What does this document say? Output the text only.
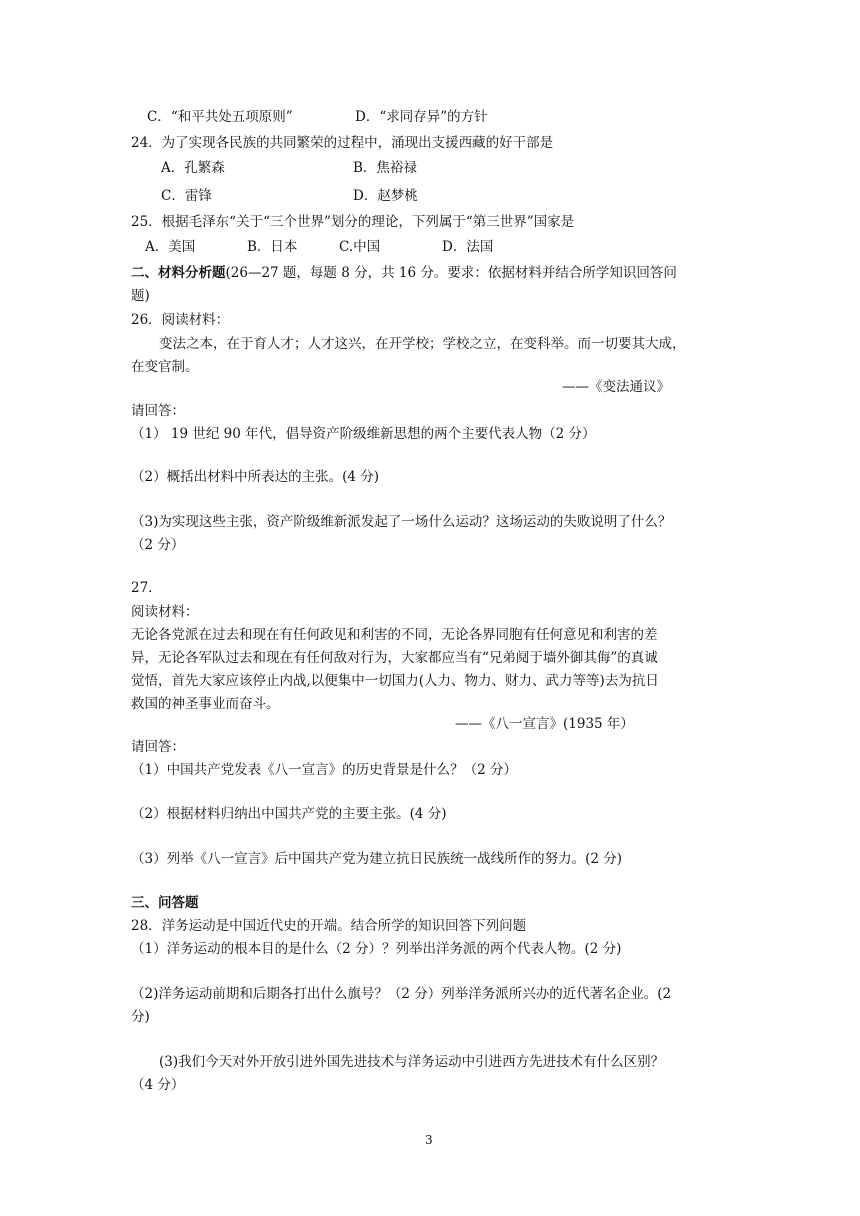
C．“和平共处五项原则”	D．“求同存异”的方针
24．为了实现各民族的共同繁荣的过程中，涌现出支援西藏的好干部是
A．孔繁森	B．焦裕禄
C．雷锋	D．赵梦桃
25．根据毛泽东“关于“三个世界”划分的理论，下列属于“第三世界”国家是
A．美国	B．日本	C.中国	D．法国
二、材料分析题(26—27 题，每题 8 分，共 16 分。要求：依据材料并结合所学知识回答问
题)
26．阅读材料：
变法之本，在于育人才；人才这兴，在开学校；学校之立，在变科举。而一切要其大成，
在变官制。
——《变法通议》
请回答：
（1） 19 世纪 90 年代，倡导资产阶级维新思想的两个主要代表人物（2 分）
（2）概括出材料中所表达的主张。(4 分)
（3)为实现这些主张，资产阶级维新派发起了一场什么运动？这场运动的失败说明了什么？
（2 分）
27.
阅读材料：
无论各党派在过去和现在有任何政见和利害的不同，无论各界同胞有任何意见和利害的差
异，无论各军队过去和现在有任何敌对行为，大家都应当有“兄弟阋于墙外御其侮”的真诚
觉悟，首先大家应该停止内战,以便集中一切国力(人力、物力、财力、武力等等)去为抗日
救国的神圣事业而奋斗。
——《八一宣言》(1935 年）
请回答：
（1）中国共产党发表《八一宣言》的历史背景是什么？（2 分）
（2）根据材料归纳出中国共产党的主要主张。(4 分)
（3）列举《八一宣言》后中国共产党为建立抗日民族统一战线所作的努力。(2 分)
三、问答题
28．洋务运动是中国近代史的开端。结合所学的知识回答下列问题
（1）洋务运动的根本目的是什么（2 分）？列举出洋务派的两个代表人物。(2 分)
（2)洋务运动前期和后期各打出什么旗号？（2 分）列举洋务派所兴办的近代著名企业。(2
分)
(3)我们今天对外开放引进外国先进技术与洋务运动中引进西方先进技术有什么区别？
（4 分）
3
